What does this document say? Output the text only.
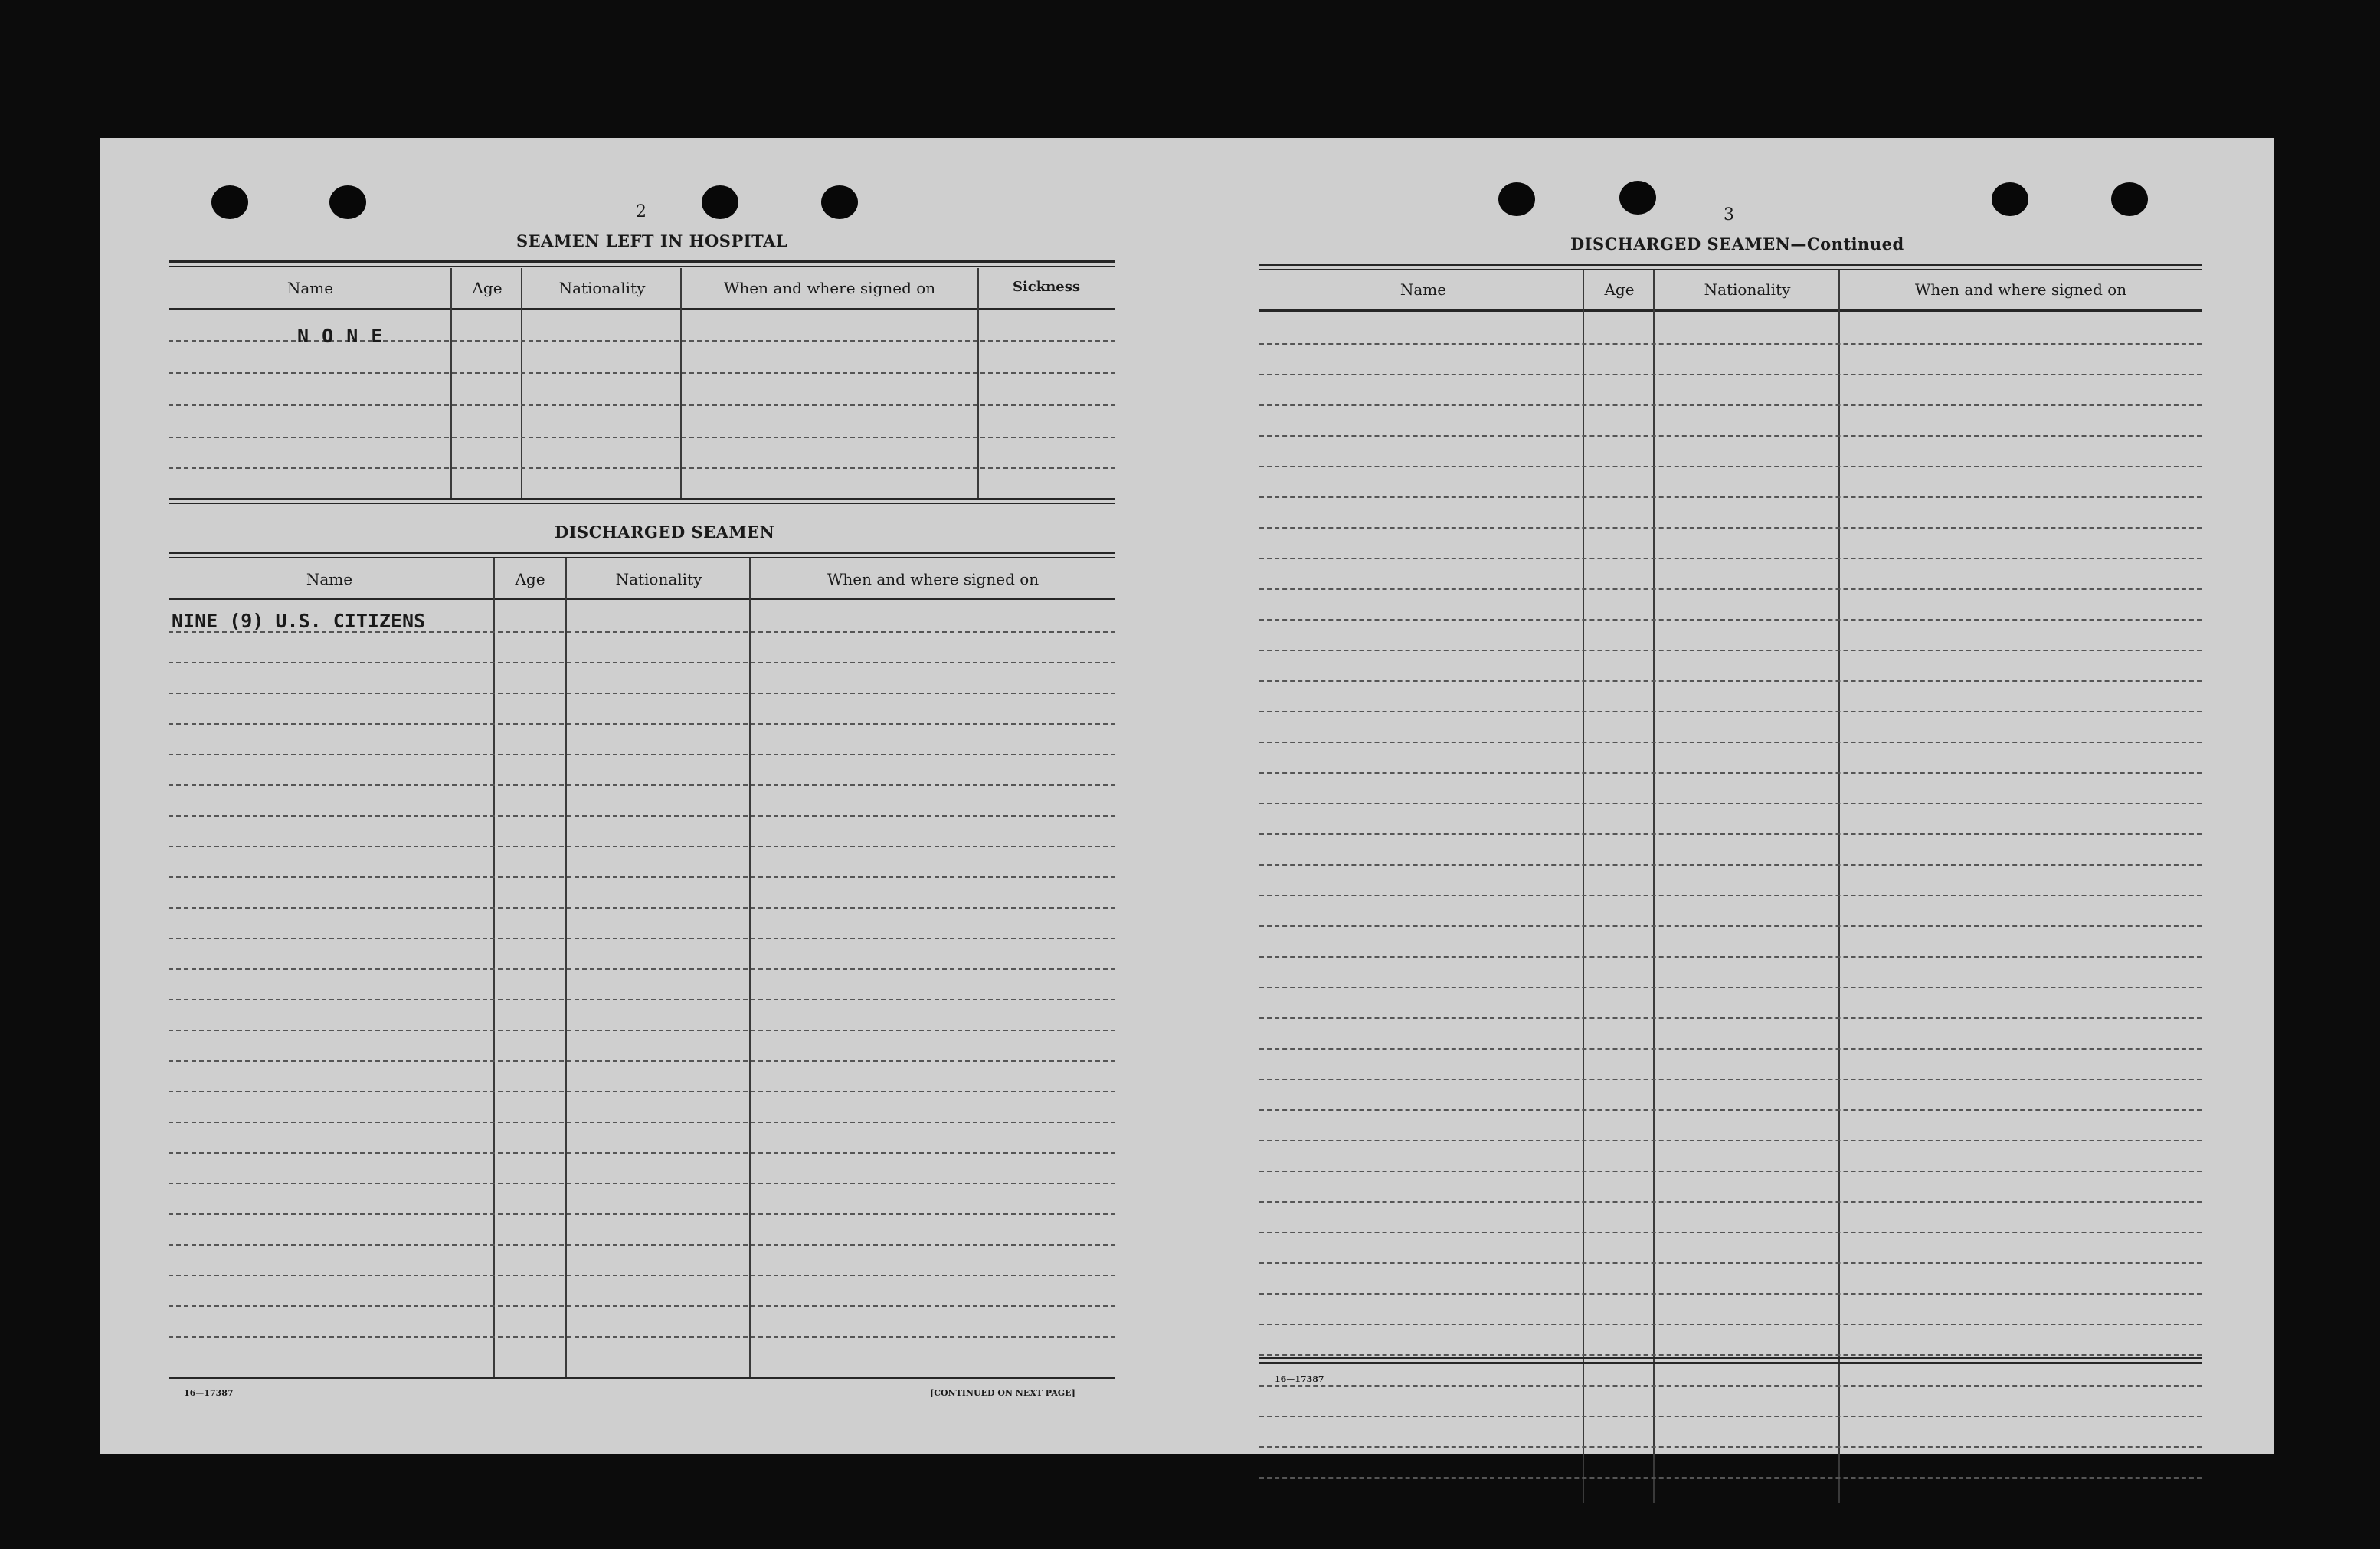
2
SEAMEN LEFT IN HOSPITAL
Name	Age	Nationality	When and where signed on	Sickness
N O N E
DISCHARGED SEAMEN
Name	Age	Nationality	When and where signed on
NINE (9) U.S. CITIZENS
16—17387	[CONTINUED ON NEXT PAGE]
3
DISCHARGED SEAMEN—Continued
Name	Age	Nationality	When and where signed on
16—17387
